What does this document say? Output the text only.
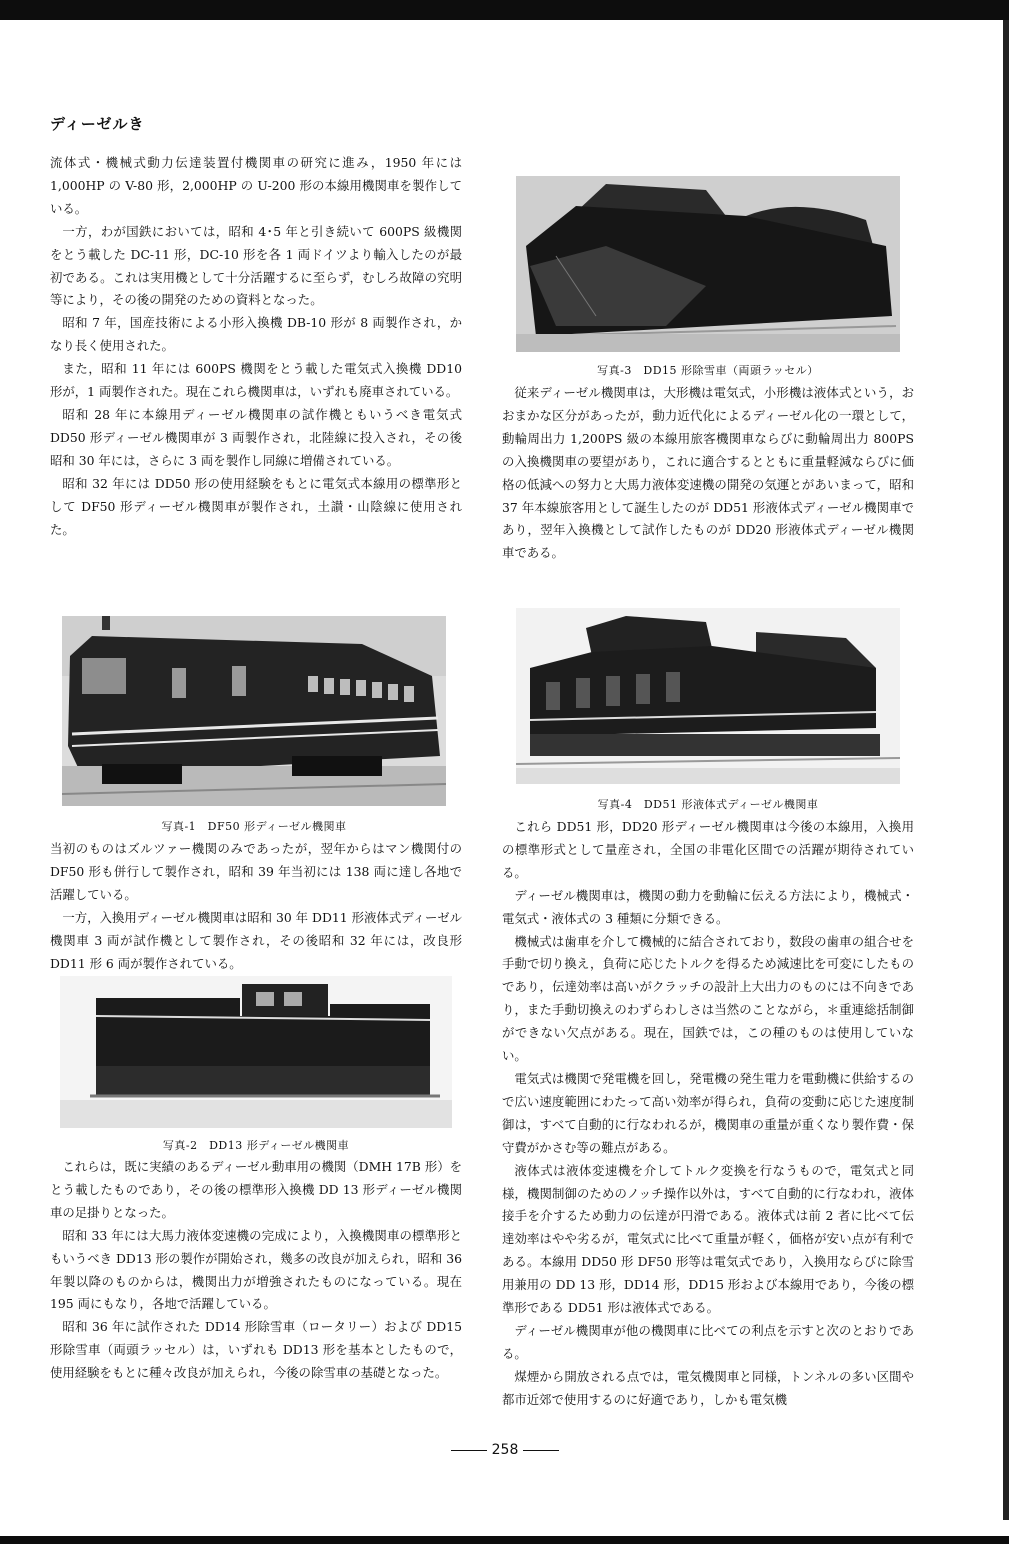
ディーゼルき

流体式・機械式動力伝達装置付機関車の研究に進み，1950 年には 1,000HP の V-80 形，2,000HP の U-200 形の本線用機関車を製作している。

一方，わが国鉄においては，昭和 4･5 年と引き続いて 600PS 級機関をとう載した DC-11 形，DC-10 形を各 1 両ドイツより輸入したのが最初である。これは実用機として十分活躍するに至らず，むしろ故障の究明等により，その後の開発のための資料となった。

昭和 7 年，国産技術による小形入換機 DB-10 形が 8 両製作され，かなり長く使用された。

また，昭和 11 年には 600PS 機関をとう載した電気式入換機 DD10 形が，1 両製作された。現在これら機関車は，いずれも廃車されている。

昭和 28 年に本線用ディーゼル機関車の試作機ともいうべき電気式 DD50 形ディーゼル機関車が 3 両製作され，北陸線に投入され，その後昭和 30 年には，さらに 3 両を製作し同線に増備されている。

昭和 32 年には DD50 形の使用経験をもとに電気式本線用の標準形として DF50 形ディーゼル機関車が製作され，土讃・山陰線に使用された。

写真-1　DF50 形ディーゼル機関車

当初のものはズルツァー機関のみであったが，翌年からはマン機関付の DF50 形も併行して製作され，昭和 39 年当初には 138 両に達し各地で活躍している。

一方，入換用ディーゼル機関車は昭和 30 年 DD11 形液体式ディーゼル機関車 3 両が試作機として製作され，その後昭和 32 年には，改良形 DD11 形 6 両が製作されている。

写真-2　DD13 形ディーゼル機関車

これらは，既に実績のあるディーゼル動車用の機関（DMH 17B 形）をとう載したものであり，その後の標準形入換機 DD 13 形ディーゼル機関車の足掛りとなった。

昭和 33 年には大馬力液体変速機の完成により，入換機関車の標準形ともいうべき DD13 形の製作が開始され，幾多の改良が加えられ，昭和 36 年製以降のものからは，機関出力が増強されたものになっている。現在 195 両にもなり，各地で活躍している。

昭和 36 年に試作された DD14 形除雪車（ロータリー）および DD15 形除雪車（両頭ラッセル）は，いずれも DD13 形を基本としたもので，使用経験をもとに種々改良が加えられ，今後の除雪車の基礎となった。

写真-3　DD15 形除雪車（両頭ラッセル）

従来ディーゼル機関車は，大形機は電気式，小形機は液体式という，おおまかな区分があったが，動力近代化によるディーゼル化の一環として，動輪周出力 1,200PS 級の本線用旅客機関車ならびに動輪周出力 800PS の入換機関車の要望があり，これに適合するとともに重量軽減ならびに価格の低減への努力と大馬力液体変速機の開発の気運とがあいまって，昭和 37 年本線旅客用として誕生したのが DD51 形液体式ディーゼル機関車であり，翌年入換機として試作したものが DD20 形液体式ディーゼル機関車である。

写真-4　DD51 形液体式ディーゼル機関車

これら DD51 形，DD20 形ディーゼル機関車は今後の本線用，入換用の標準形式として量産され，全国の非電化区間での活躍が期待されている。

ディーゼル機関車は，機関の動力を動輪に伝える方法により，機械式・電気式・液体式の 3 種類に分類できる。

機械式は歯車を介して機械的に結合されており，数段の歯車の組合せを手動で切り換え，負荷に応じたトルクを得るため減速比を可変にしたものであり，伝達効率は高いがクラッチの設計上大出力のものには不向きであり，また手動切換えのわずらわしさは当然のことながら，＊重連総括制御ができない欠点がある。現在，国鉄では，この種のものは使用していない。

電気式は機関で発電機を回し，発電機の発生電力を電動機に供給するので広い速度範囲にわたって高い効率が得られ，負荷の変動に応じた速度制御は，すべて自動的に行なわれるが，機関車の重量が重くなり製作費・保守費がかさむ等の難点がある。

液体式は液体変速機を介してトルク変換を行なうもので，電気式と同様，機関制御のためのノッチ操作以外は，すべて自動的に行なわれ，液体接手を介するため動力の伝達が円滑である。液体式は前 2 者に比べて伝達効率はやや劣るが，電気式に比べて重量が軽く，価格が安い点が有利である。本線用 DD50 形 DF50 形等は電気式であり，入換用ならびに除雪用兼用の DD 13 形，DD14 形，DD15 形および本線用であり，今後の標準形である DD51 形は液体式である。

ディーゼル機関車が他の機関車に比べての利点を示すと次のとおりである。

煤煙から開放される点では，電気機関車と同様，トンネルの多い区間や都市近郊で使用するのに好適であり，しかも電気機

258
